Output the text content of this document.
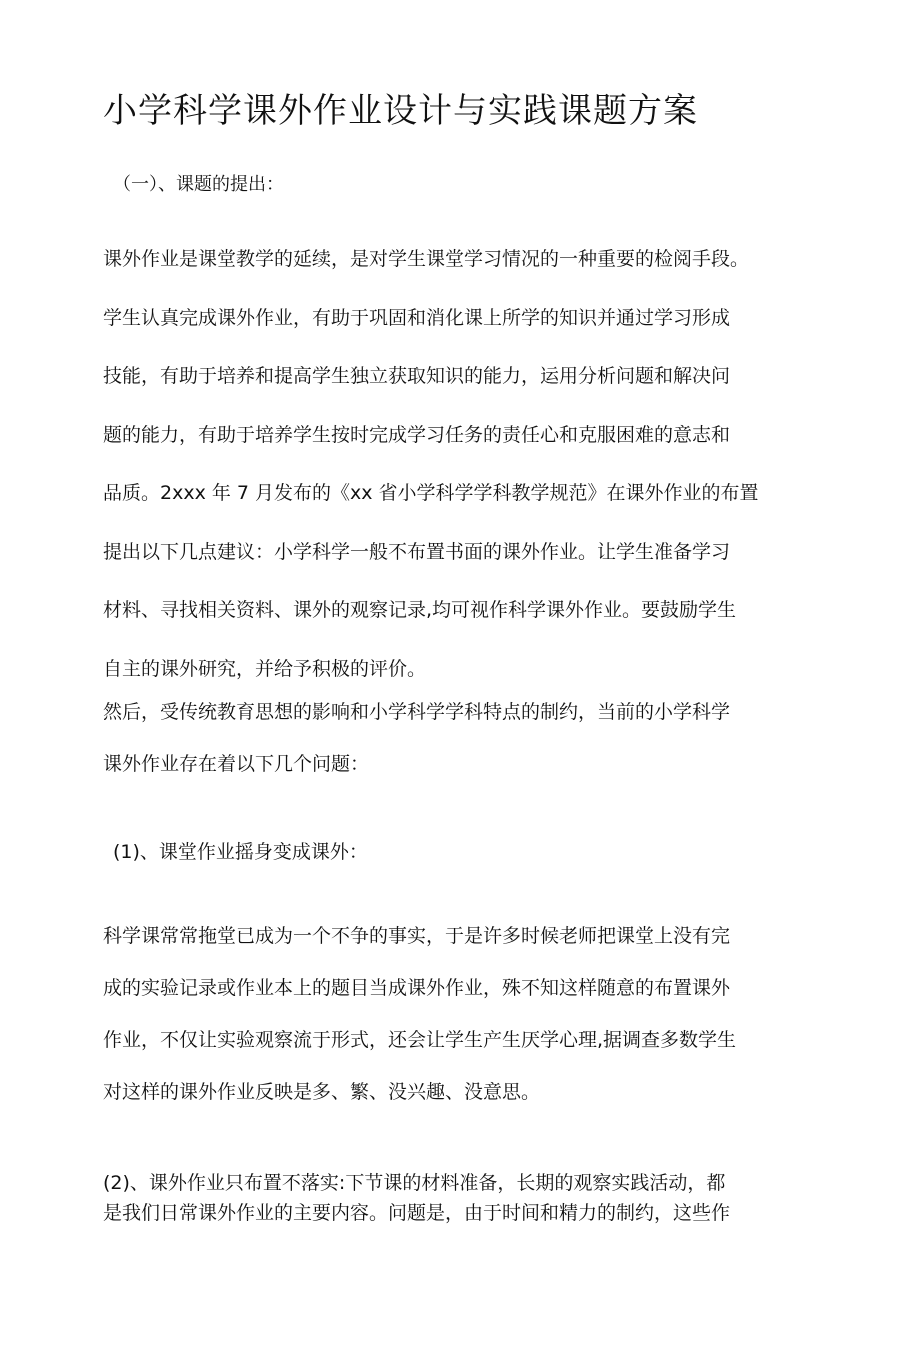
小学科学课外作业设计与实践课题方案

（一）、课题的提出：

课外作业是课堂教学的延续，是对学生课堂学习情况的一种重要的检阅手段。
学生认真完成课外作业，有助于巩固和消化课上所学的知识并通过学习形成
技能，有助于培养和提高学生独立获取知识的能力，运用分析问题和解决问
题的能力，有助于培养学生按时完成学习任务的责任心和克服困难的意志和
品质。2xxx 年 7 月发布的《xx 省小学科学学科教学规范》在课外作业的布置
提出以下几点建议：小学科学一般不布置书面的课外作业。让学生准备学习
材料、寻找相关资料、课外的观察记录,均可视作科学课外作业。要鼓励学生
自主的课外研究，并给予积极的评价。
然后，受传统教育思想的影响和小学科学学科特点的制约，当前的小学科学
课外作业存在着以下几个问题：

(1)、课堂作业摇身变成课外：

科学课常常拖堂已成为一个不争的事实，于是许多时候老师把课堂上没有完
成的实验记录或作业本上的题目当成课外作业，殊不知这样随意的布置课外
作业，不仅让实验观察流于形式，还会让学生产生厌学心理,据调查多数学生
对这样的课外作业反映是多、繁、没兴趣、没意思。
(2)、课外作业只布置不落实:下节课的材料准备，长期的观察实践活动，都
是我们日常课外作业的主要内容。问题是，由于时间和精力的制约，这些作
